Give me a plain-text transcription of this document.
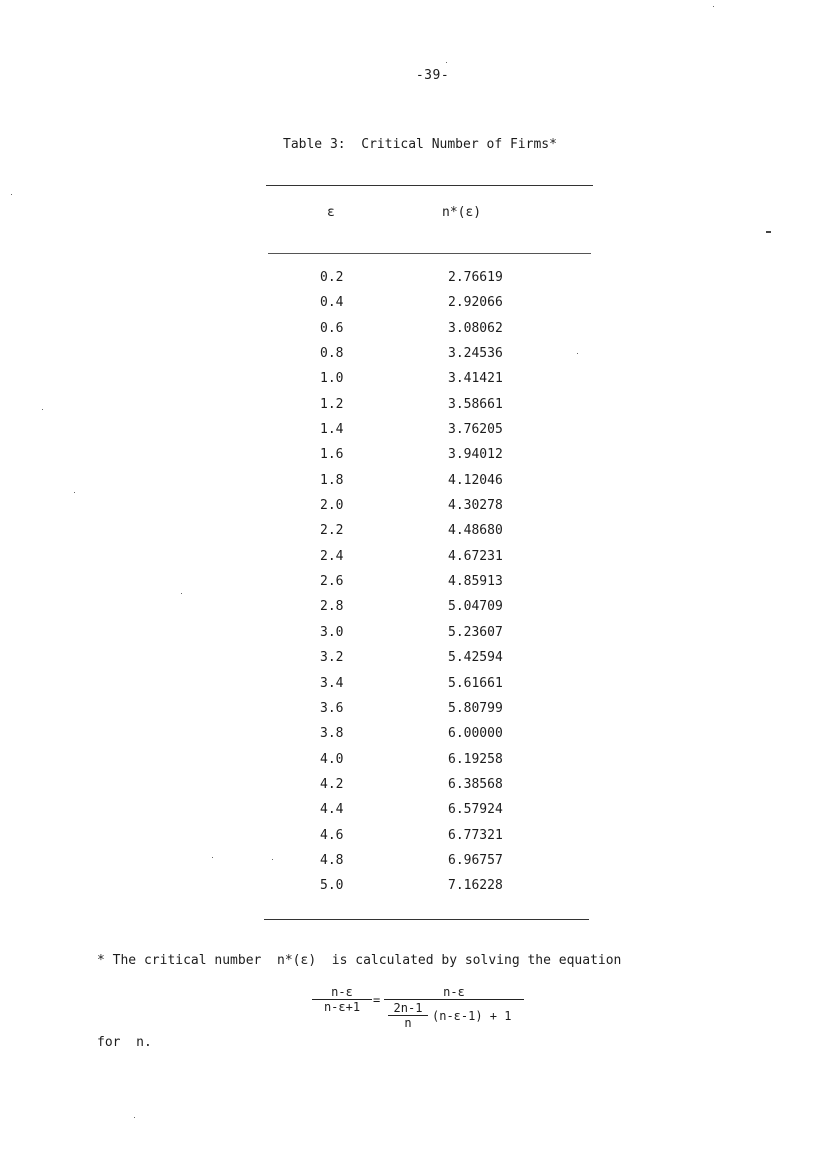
-39-
Table 3:  Critical Number of Firms*
ε	n*(ε)
0.2	2.76619
0.4	2.92066
0.6	3.08062
0.8	3.24536
1.0	3.41421
1.2	3.58661
1.4	3.76205
1.6	3.94012
1.8	4.12046
2.0	4.30278
2.2	4.48680
2.4	4.67231
2.6	4.85913
2.8	5.04709
3.0	5.23607
3.2	5.42594
3.4	5.61661
3.6	5.80799
3.8	6.00000
4.0	6.19258
4.2	6.38568
4.4	6.57924
4.6	6.77321
4.8	6.96757
5.0	7.16228
* The critical number  n*(ε)  is calculated by solving the equation
$\frac{n-\varepsilon}{n-\varepsilon+1} = \frac{n-\varepsilon}{\frac{2n-1}{n} (n-\varepsilon-1) + 1}$
for  n.
